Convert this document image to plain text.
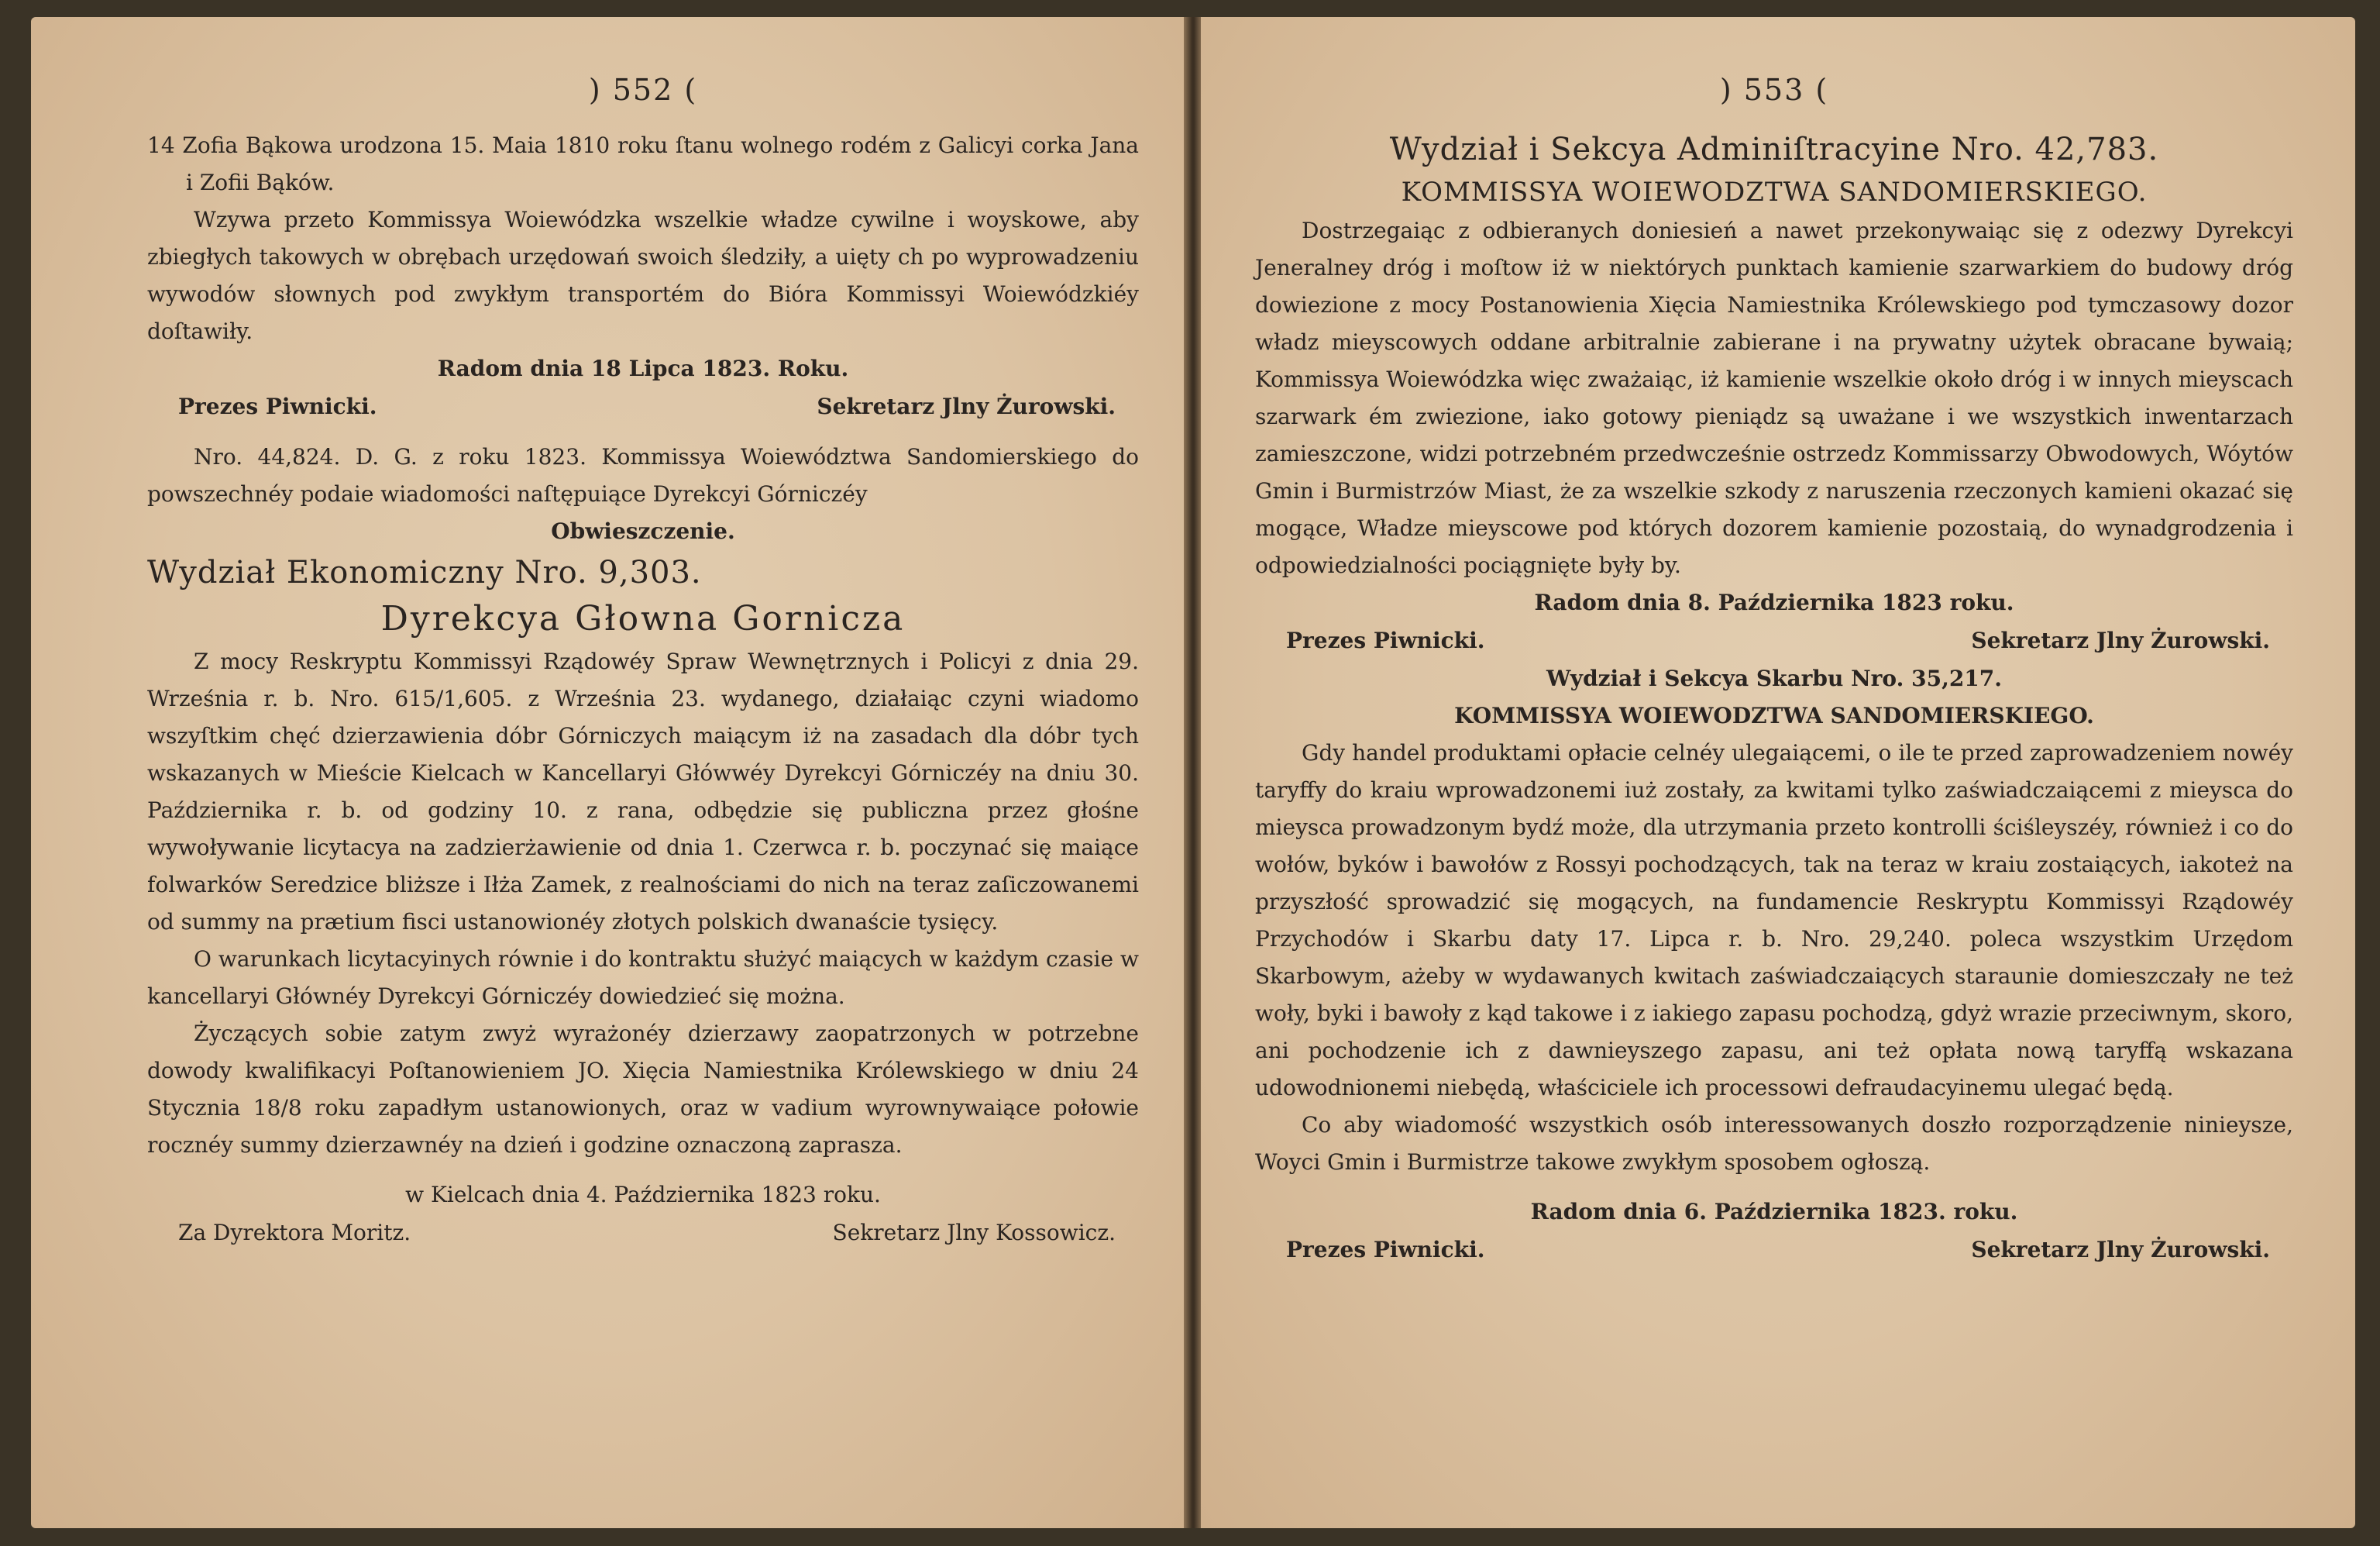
) 552 (

14 Zofia Bąkowa urodzona 15. Maia 1810 roku ſtanu wolnego rodém z Galicyi corka Jana i Zofii Bąków.

Wzywa przeto Kommissya Woiewódzka wszelkie władze cywilne i woyskowe, aby zbiegłych takowych w obrębach urzędowań swoich śledziły, a uięty ch po wyprowadzeniu wywodów słownych pod zwykłym transportém do Bióra Kommissyi Woiewódzkiéy doſtawiły.

Radom dnia 18 Lipca 1823. Roku.

Prezes Piwnicki.	Sekretarz Jlny Żurowski.

Nro. 44,824. D. G. z roku 1823. Kommissya Woiewództwa Sandomierskiego do powszechnéy podaie wiadomości naſtępuiące Dyrekcyi Górniczéy

Obwieszczenie.

Wydział Ekonomiczny Nro. 9,303.

Dyrekcya Głowna Gornicza

Z mocy Reskryptu Kommissyi Rządowéy Spraw Wewnętrznych i Policyi z dnia 29. Września r. b. Nro. 615/1,605. z Września 23. wydanego, działaiąc czyni wiadomo wszyſtkim chęć dzierzawienia dóbr Górniczych maiącym iż na zasadach dla dóbr tych wskazanych w Mieście Kielcach w Kancellaryi Główwéy Dyrekcyi Górniczéy na dniu 30. Października r. b. od godziny 10. z rana, odbędzie się publiczna przez głośne wywoływanie licytacya na zadzierżawienie od dnia 1. Czerwca r. b. poczynać się maiące folwarków Seredzice bliższe i Iłża Zamek, z realnościami do nich na teraz zaſiczowanemi od summy na prætium fisci ustanowionéy złotych polskich dwanaście tysięcy.

O warunkach licytacyinych równie i do kontraktu służyć maiących w każdym czasie w kancellaryi Głównéy Dyrekcyi Górniczéy dowiedzieć się można.

Życzących sobie zatym zwyż wyrażonéy dzierzawy zaopatrzonych w potrzebne dowody kwalifikacyi Poſtanowieniem JO. Xięcia Namiestnika Królewskiego w dniu 24 Stycznia 18/8 roku zapadłym ustanowionych, oraz w vadium wyrownywaiące połowie rocznéy summy dzierzawnéy na dzień i godzine oznaczoną zaprasza.

w Kielcach dnia 4. Października 1823 roku.

Za Dyrektora Moritz.	Sekretarz Jlny Kossowicz.
) 553 (

Wydział i Sekcya Adminiſtracyine Nro. 42,783.

KOMMISSYA WOIEWODZTWA SANDOMIERSKIEGO.

Dostrzegaiąc z odbieranych doniesień a nawet przekonywaiąc się z odezwy Dyrekcyi Jeneralney dróg i moſtow iż w niektórych punktach kamienie szarwarkiem do budowy dróg dowiezione z mocy Postanowienia Xięcia Namiestnika Królewskiego pod tymczasowy dozor władz mieyscowych oddane arbitralnie zabierane i na prywatny użytek obracane bywaią; Kommissya Woiewódzka więc zważaiąc, iż kamienie wszelkie około dróg i w innych mieyscach szarwark ém zwiezione, iako gotowy pieniądz są uważane i we wszystkich inwentarzach zamieszczone, widzi potrzebném przedwcześnie ostrzedz Kommissarzy Obwodowych, Wóytów Gmin i Burmistrzów Miast, że za wszelkie szkody z naruszenia rzeczonych kamieni okazać się mogące, Władze mieyscowe pod których dozorem kamienie pozostaią, do wynadgrodzenia i odpowiedzialności pociągnięte były by.

Radom dnia 8. Października 1823 roku.

Prezes Piwnicki.	Sekretarz Jlny Żurowski.

Wydział i Sekcya Skarbu Nro. 35,217.

KOMMISSYA WOIEWODZTWA SANDOMIERSKIEGO.

Gdy handel produktami opłacie celnéy ulegaiącemi, o ile te przed zaprowadzeniem nowéy taryffy do kraiu wprowadzonemi iuż zostały, za kwitami tylko zaświadczaiącemi z mieysca do mieysca prowadzonym bydź może, dla utrzymania przeto kontrolli ściśleyszéy, również i co do wołów, byków i bawołów z Rossyi pochodzących, tak na teraz w kraiu zostaiących, iakoteż na przyszłość sprowadzić się mogących, na fundamencie Reskryptu Kommissyi Rządowéy Przychodów i Skarbu daty 17. Lipca r. b. Nro. 29,240. poleca wszystkim Urzędom Skarbowym, ażeby w wydawanych kwitach zaświadczaiących staraunie domieszczały ne też woły, byki i bawoły z kąd takowe i z iakiego zapasu pochodzą, gdyż wrazie przeciwnym, skoro, ani pochodzenie ich z dawnieyszego zapasu, ani też opłata nową taryffą wskazana udowodnionemi niebędą, właściciele ich processowi defraudacyinemu ulegać będą.

Co aby wiadomość wszystkich osób interessowanych doszło rozporządzenie ninieysze, Woyci Gmin i Burmistrze takowe zwykłym sposobem ogłoszą.

Radom dnia 6. Października 1823. roku.

Prezes Piwnicki.	Sekretarz Jlny Żurowski.
